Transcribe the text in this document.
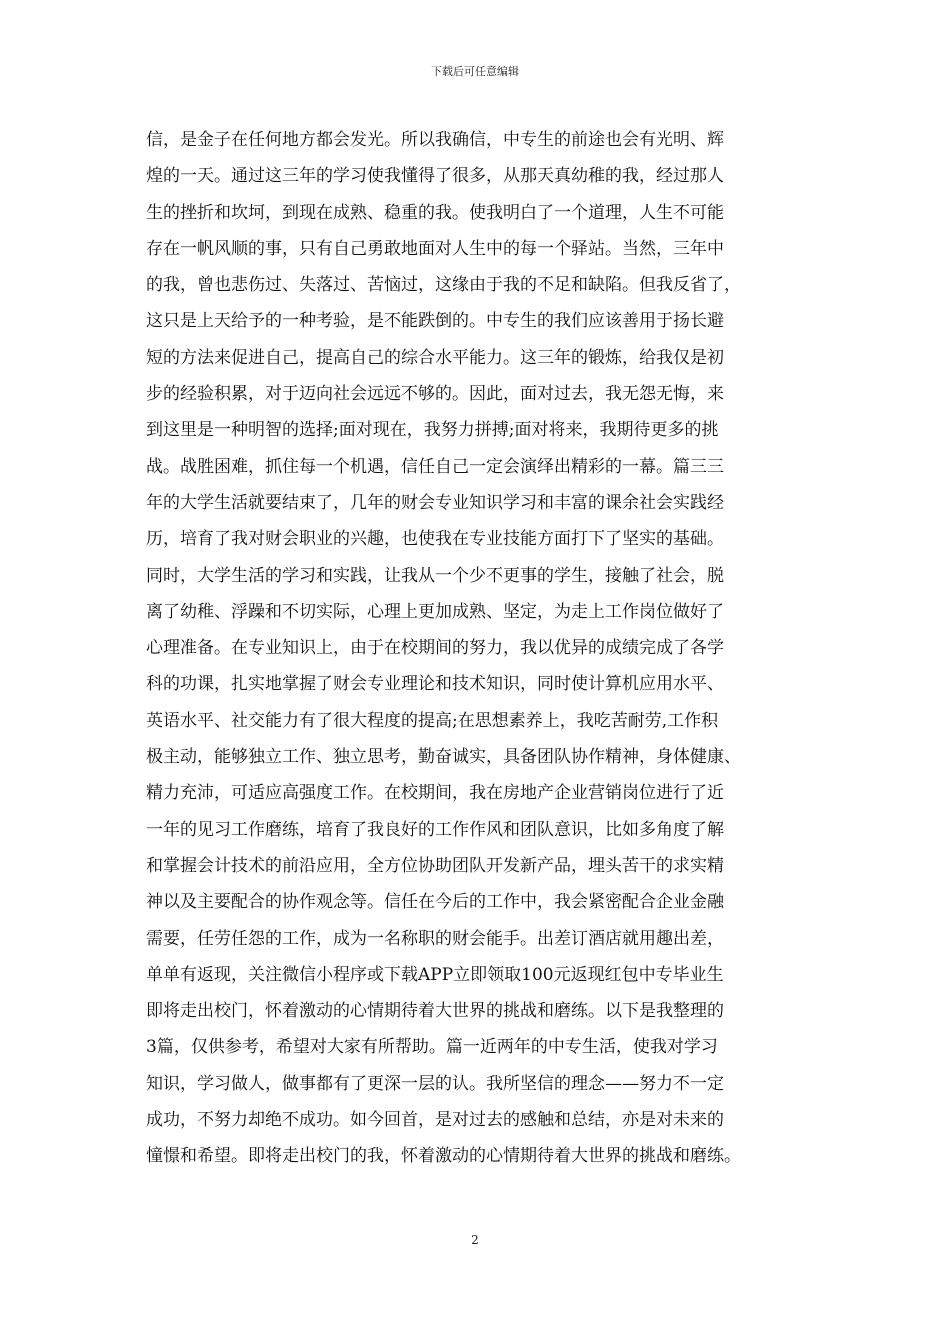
下载后可任意编辑
信，是金子在任何地方都会发光。所以我确信，中专生的前途也会有光明、辉
煌的一天。通过这三年的学习使我懂得了很多，从那天真幼稚的我，经过那人
生的挫折和坎坷，到现在成熟、稳重的我。使我明白了一个道理，人生不可能
存在一帆风顺的事，只有自己勇敢地面对人生中的每一个驿站。当然，三年中
的我，曾也悲伤过、失落过、苦恼过，这缘由于我的不足和缺陷。但我反省了，
这只是上天给予的一种考验，是不能跌倒的。中专生的我们应该善用于扬长避
短的方法来促进自己，提高自己的综合水平能力。这三年的锻炼，给我仅是初
步的经验积累，对于迈向社会远远不够的。因此，面对过去，我无怨无悔，来
到这里是一种明智的选择;面对现在，我努力拼搏;面对将来，我期待更多的挑
战。战胜困难，抓住每一个机遇，信任自己一定会演绎出精彩的一幕。篇三三
年的大学生活就要结束了，几年的财会专业知识学习和丰富的课余社会实践经
历，培育了我对财会职业的兴趣，也使我在专业技能方面打下了坚实的基础。
同时，大学生活的学习和实践，让我从一个少不更事的学生，接触了社会，脱
离了幼稚、浮躁和不切实际，心理上更加成熟、坚定，为走上工作岗位做好了
心理准备。在专业知识上，由于在校期间的努力，我以优异的成绩完成了各学
科的功课，扎实地掌握了财会专业理论和技术知识，同时使计算机应用水平、
英语水平、社交能力有了很大程度的提高;在思想素养上，我吃苦耐劳,工作积
极主动，能够独立工作、独立思考，勤奋诚实，具备团队协作精神，身体健康、
精力充沛，可适应高强度工作。在校期间，我在房地产企业营销岗位进行了近
一年的见习工作磨练，培育了我良好的工作作风和团队意识，比如多角度了解
和掌握会计技术的前沿应用，全方位协助团队开发新产品，埋头苦干的求实精
神以及主要配合的协作观念等。信任在今后的工作中，我会紧密配合企业金融
需要，任劳任怨的工作，成为一名称职的财会能手。出差订酒店就用趣出差，
单单有返现，关注微信小程序或下载APP立即领取100元返现红包中专毕业生
即将走出校门，怀着激动的心情期待着大世界的挑战和磨练。以下是我整理的
3篇，仅供参考，希望对大家有所帮助。篇一近两年的中专生活，使我对学习
知识，学习做人，做事都有了更深一层的认。我所坚信的理念——努力不一定
成功，不努力却绝不成功。如今回首，是对过去的感触和总结，亦是对未来的
憧憬和希望。即将走出校门的我，怀着激动的心情期待着大世界的挑战和磨练。
2
